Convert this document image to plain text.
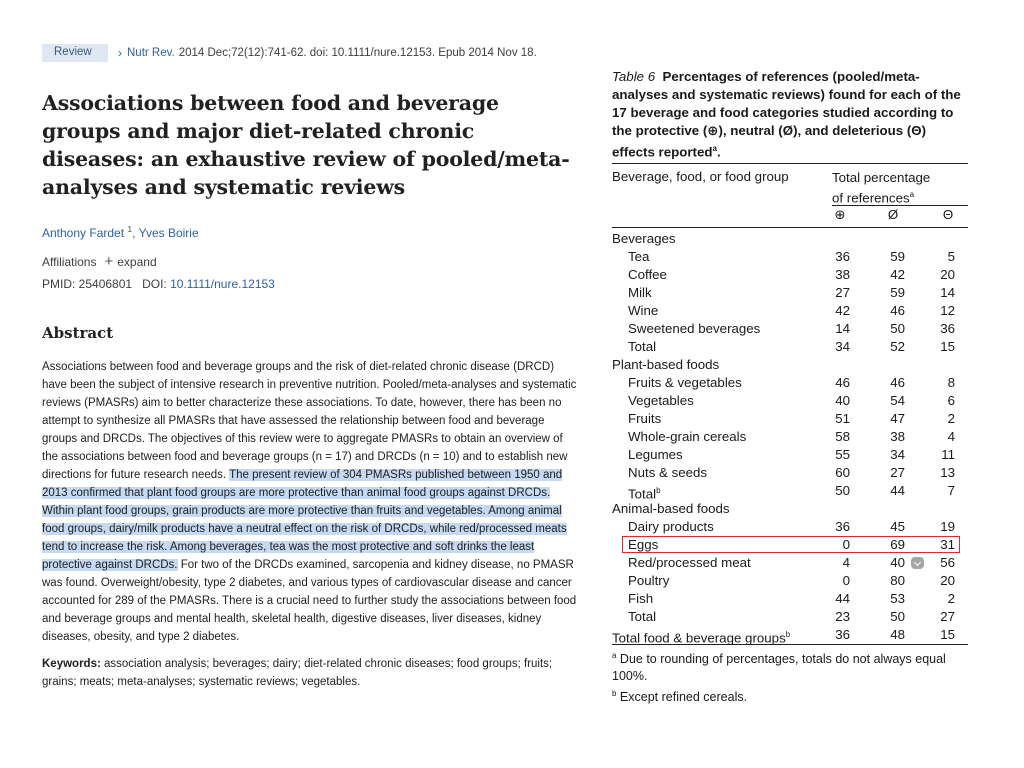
Review	› Nutr Rev. 2014 Dec;72(12):741-62. doi: 10.1111/nure.12153. Epub 2014 Nov 18.
Associations between food and beverage groups and major diet-related chronic diseases: an exhaustive review of pooled/meta-analyses and systematic reviews
Anthony Fardet $^1$, Yves Boirie
Affiliations + expand
PMID: 25406801 DOI: 10.1111/nure.12153
Abstract
Associations between food and beverage groups and the risk of diet-related chronic disease (DRCD) have been the subject of intensive research in preventive nutrition. Pooled/meta-analyses and systematic reviews (PMASRs) aim to better characterize these associations. To date, however, there has been no attempt to synthesize all PMASRs that have assessed the relationship between food and beverage groups and DRCDs. The objectives of this review were to aggregate PMASRs to obtain an overview of the associations between food and beverage groups (n = 17) and DRCDs (n = 10) and to establish new directions for future research needs. The present review of 304 PMASRs published between 1950 and 2013 confirmed that plant food groups are more protective than animal food groups against DRCDs. Within plant food groups, grain products are more protective than fruits and vegetables. Among animal food groups, dairy/milk products have a neutral effect on the risk of DRCDs, while red/processed meats tend to increase the risk. Among beverages, tea was the most protective and soft drinks the least protective against DRCDs. For two of the DRCDs examined, sarcopenia and kidney disease, no PMASR was found. Overweight/obesity, type 2 diabetes, and various types of cardiovascular disease and cancer accounted for 289 of the PMASRs. There is a crucial need to further study the associations between food and beverage groups and mental health, skeletal health, digestive diseases, liver diseases, kidney diseases, obesity, and type 2 diabetes.
Keywords: association analysis; beverages; dairy; diet-related chronic diseases; food groups; fruits; grains; meats; meta-analyses; systematic reviews; vegetables.
Table 6 Percentages of references (pooled/meta-analyses and systematic reviews) found for each of the 17 beverage and food categories studied according to the protective (⊕), neutral (Ø), and deleterious (Θ) effects reported$^a$.
Beverage, food, or food group	Total percentage
of references$^a$
⊕	Ø	Θ
Beverages
Tea	36	59	5
Coffee	38	42	20
Milk	27	59	14
Wine	42	46	12
Sweetened beverages	14	50	36
Total	34	52	15
Plant-based foods
Fruits & vegetables	46	46	8
Vegetables	40	54	6
Fruits	51	47	2
Whole-grain cereals	58	38	4
Legumes	55	34	11
Nuts & seeds	60	27	13
Total$^b$	50	44	7
Animal-based foods
Dairy products	36	45	19
Eggs	0	69	31
Red/processed meat	4	40	56
Poultry	0	80	20
Fish	44	53	2
Total	23	50	27
Total food & beverage groups$^b$	36	48	15
$^a$ Due to rounding of percentages, totals do not always equal 100%.
$^b$ Except refined cereals.
